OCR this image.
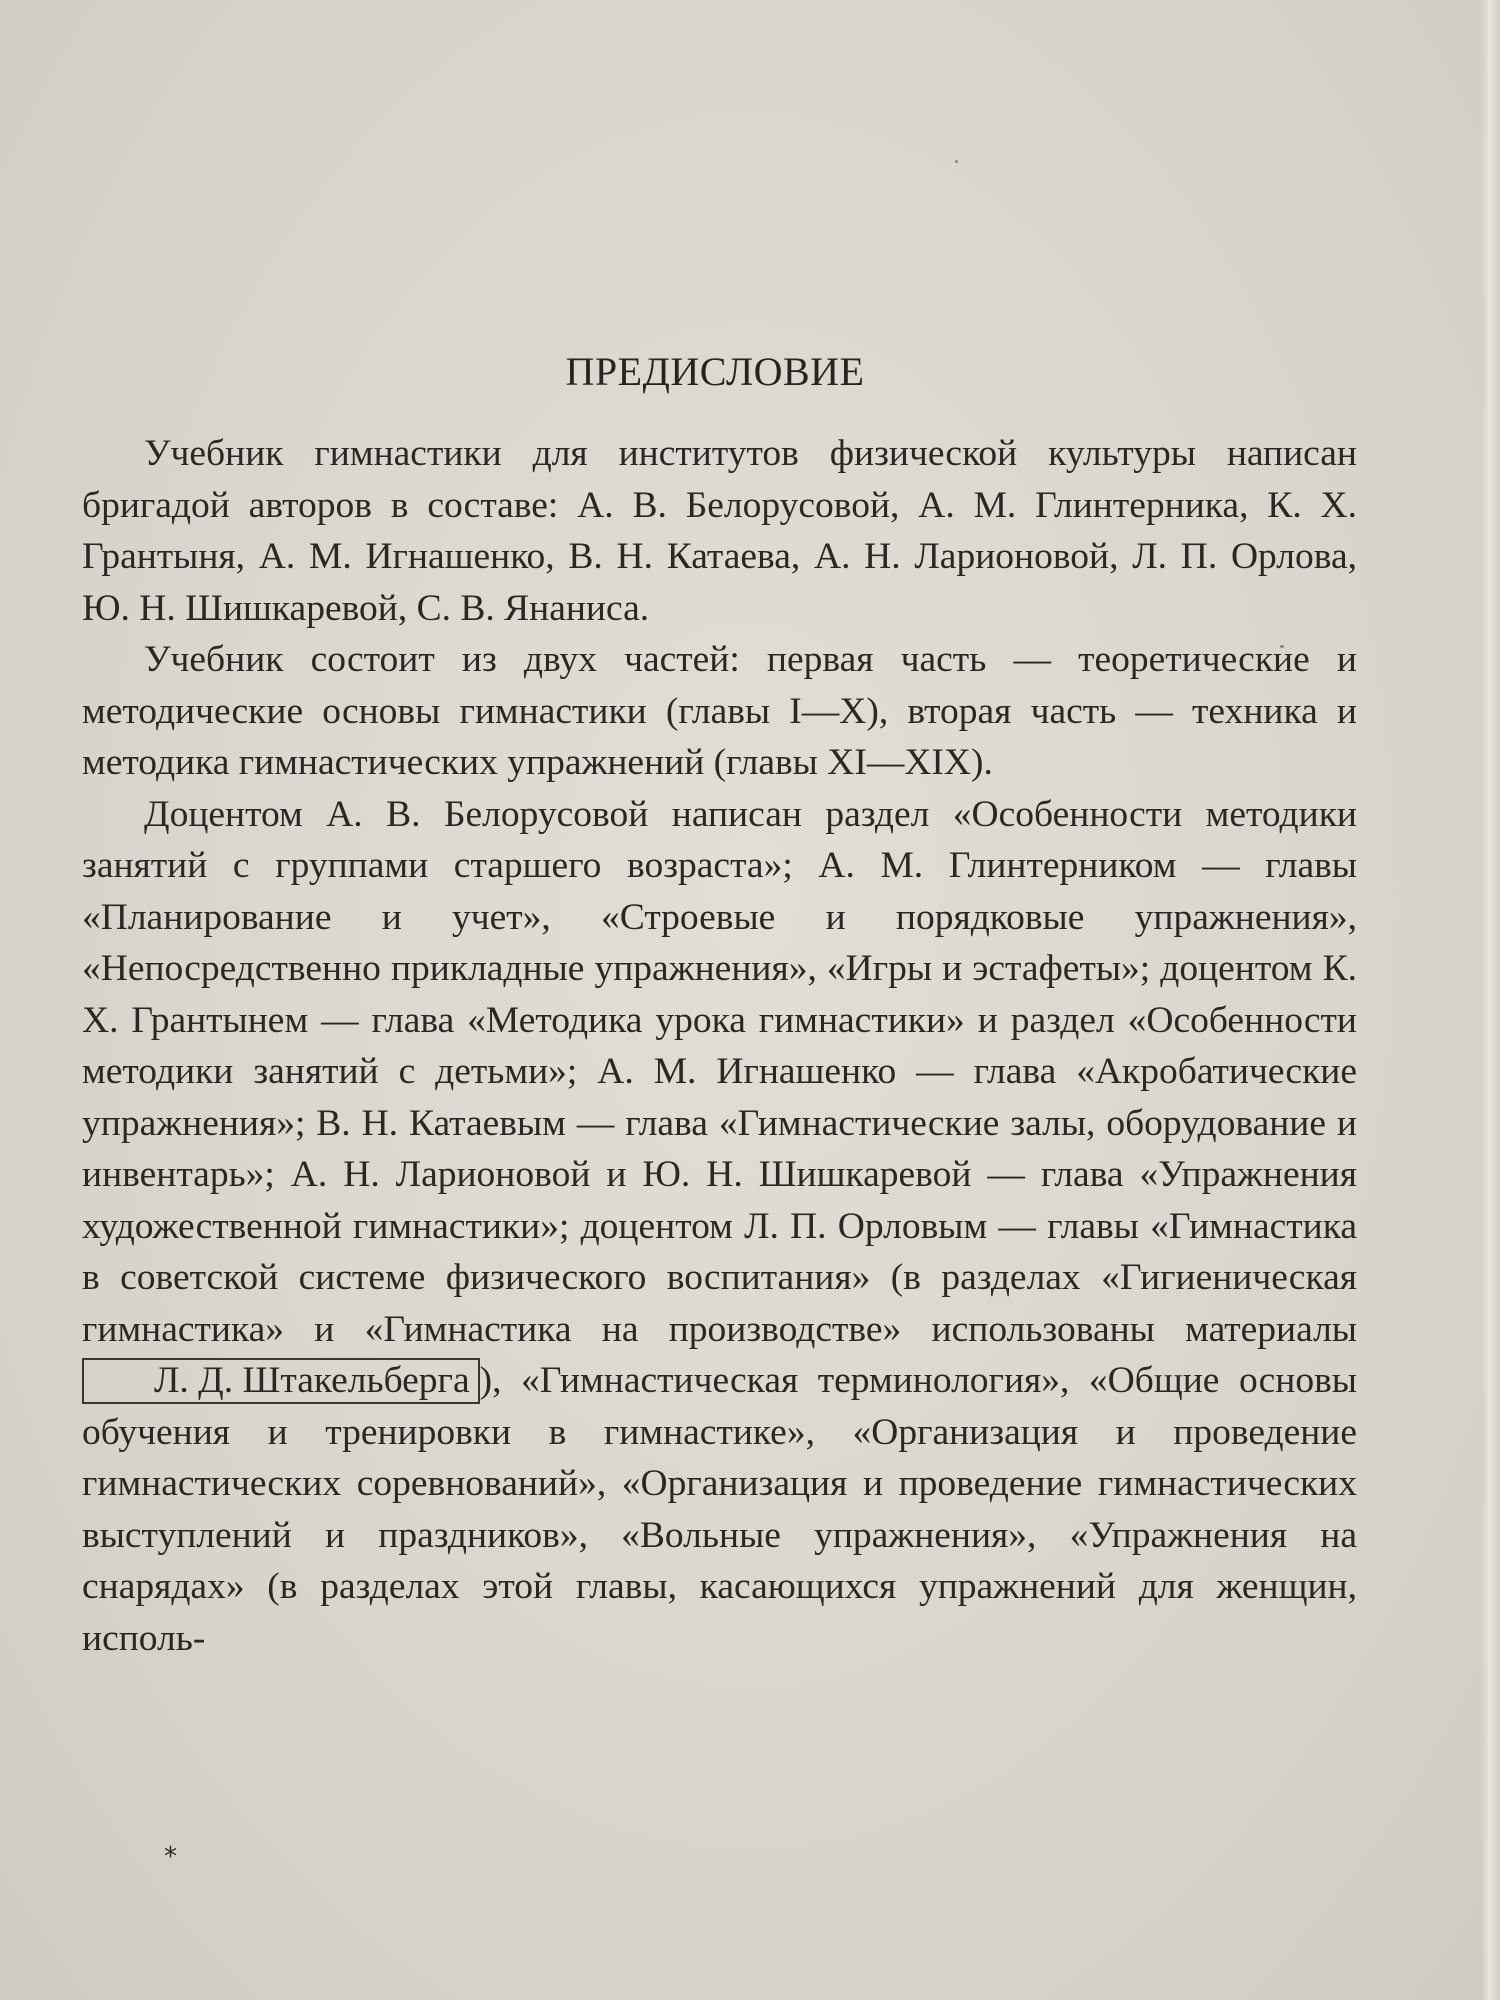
ПРЕДИСЛОВИЕ

Учебник гимнастики для институтов физической культуры написан бригадой авторов в составе: А. В. Белорусовой, А. М. Глинтерника, К. Х. Грантыня, А. М. Игнашенко, В. Н. Катаева, А. Н. Ларионовой, Л. П. Орлова, Ю. Н. Шишкаревой, С. В. Янаниса.

Учебник состоит из двух частей: первая часть — теоретические и методические основы гимнастики (главы I—X), вторая часть — техника и методика гимнастических упражнений (главы XI—XIX).

Доцентом А. В. Белорусовой написан раздел «Особенности методики занятий с группами старшего возраста»; А. М. Глинтерником — главы «Планирование и учет», «Строевые и порядковые упражнения», «Непосредственно прикладные упражнения», «Игры и эстафеты»; доцентом К. Х. Грантынем — глава «Методика урока гимнастики» и раздел «Особенности методики занятий с детьми»; А. М. Игнашенко — глава «Акробатические упражнения»; В. Н. Катаевым — глава «Гимнастические залы, оборудование и инвентарь»; А. Н. Ларионовой и Ю. Н. Шишкаревой — глава «Упражнения художественной гимнастики»; доцентом Л. П. Орловым — главы «Гимнастика в советской системе физического воспитания» (в разделах «Гигиеническая гимнастика» и «Гимнастика на производстве» использованы материалы Л. Д. Штакельберга ), «Гимнастическая терминология», «Общие основы обучения и тренировки в гимнастике», «Организация и проведение гимнастических соревнований», «Организация и проведение гимнастических выступлений и праздников», «Вольные упражнения», «Упражнения на снарядах» (в разделах этой главы, касающихся упражнений для женщин, исполь-

*
